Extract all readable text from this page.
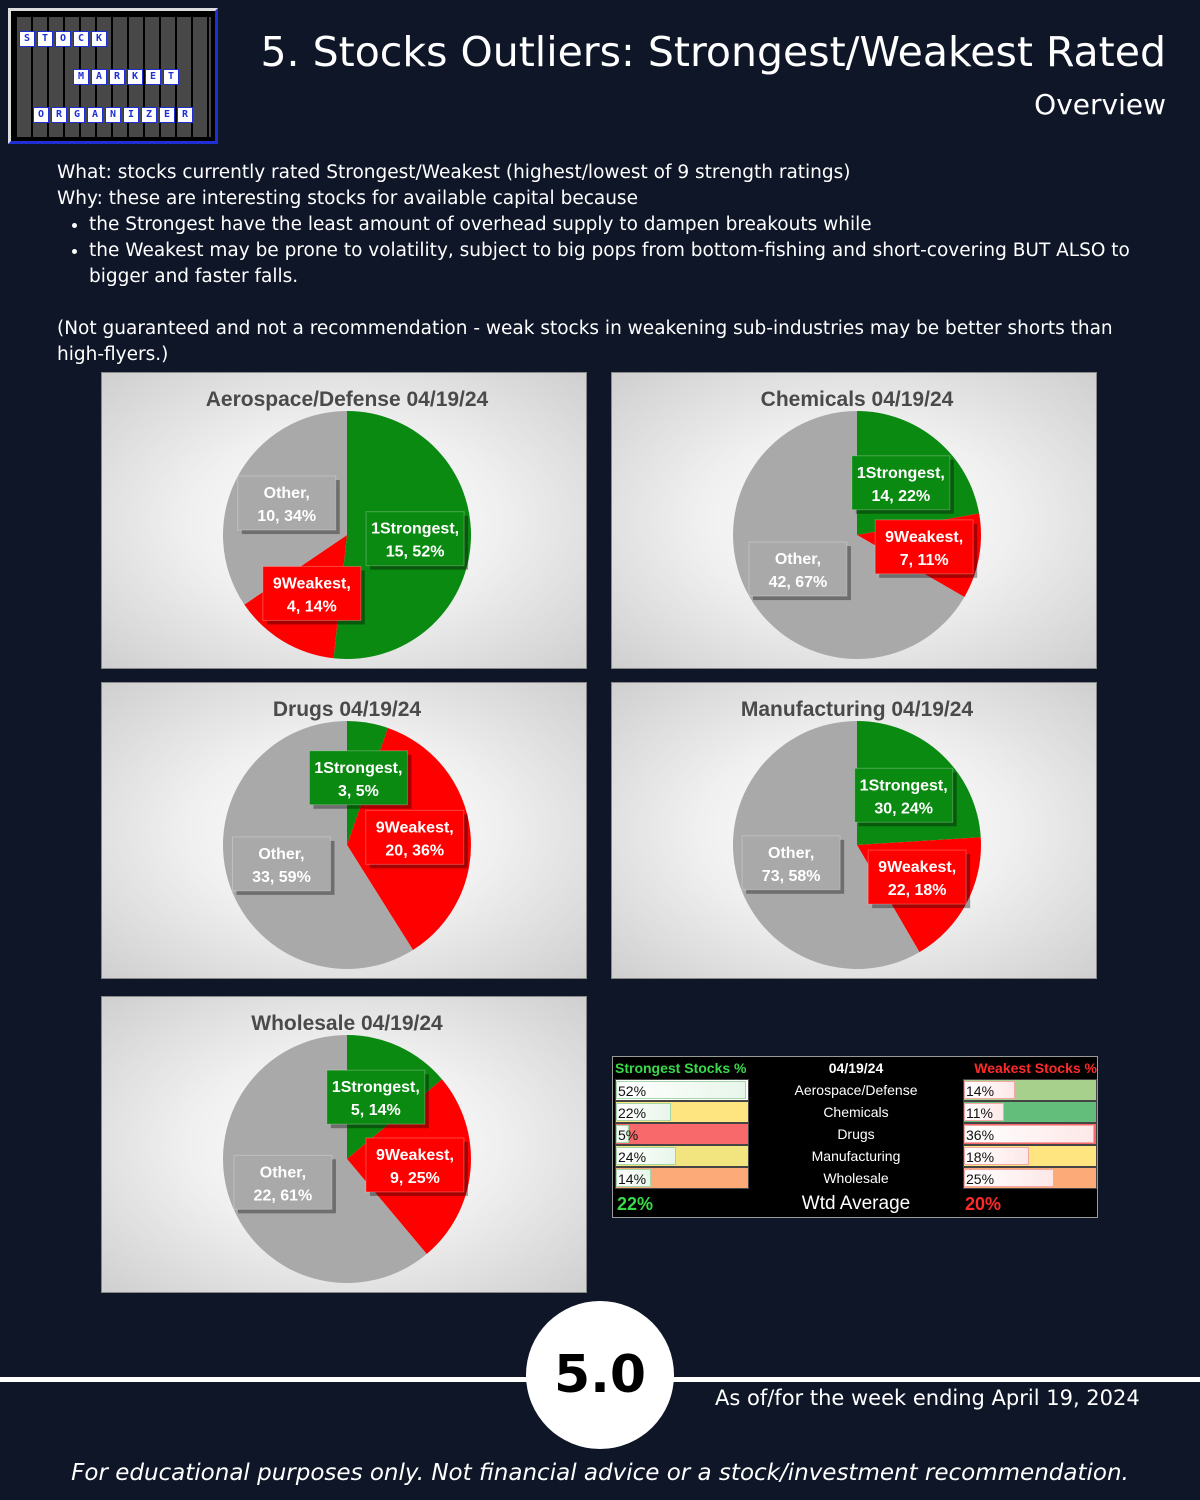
S	T	O	C	K
M	A	R	K	E	T
O	R	G	A	N	I	Z	E	R
5. Stocks Outliers: Strongest/Weakest Rated
Overview
What: stocks currently rated Strongest/Weakest (highest/lowest of 9 strength ratings)
Why: these are interesting stocks for available capital because
• the Strongest have the least amount of overhead supply to dampen breakouts while
• the Weakest may be prone to volatility, subject to big pops from bottom-fishing and short-covering BUT ALSO to bigger and faster falls.
(Not guaranteed and not a recommendation - weak stocks in weakening sub-industries may be better shorts than high-flyers.)
Aerospace/Defense 04/19/24
1Strongest,
15, 52%
9Weakest,
4, 14%
Other,
10, 34%
Chemicals 04/19/24
1Strongest,
14, 22%
9Weakest,
7, 11%
Other,
42, 67%
Drugs 04/19/24
1Strongest,
3, 5%
9Weakest,
20, 36%
Other,
33, 59%
Manufacturing 04/19/24
1Strongest,
30, 24%
9Weakest,
22, 18%
Other,
73, 58%
Wholesale 04/19/24
1Strongest,
5, 14%
9Weakest,
9, 25%
Other,
22, 61%
Strongest Stocks %	04/19/24	Weakest Stocks %
52%	Aerospace/Defense	14%
22%	Chemicals	11%
5%	Drugs	36%
24%	Manufacturing	18%
14%	Wholesale	25%
22%	Wtd Average	20%
5.0	As of/for the week ending April 19, 2024
For educational purposes only. Not financial advice or a stock/investment recommendation.
